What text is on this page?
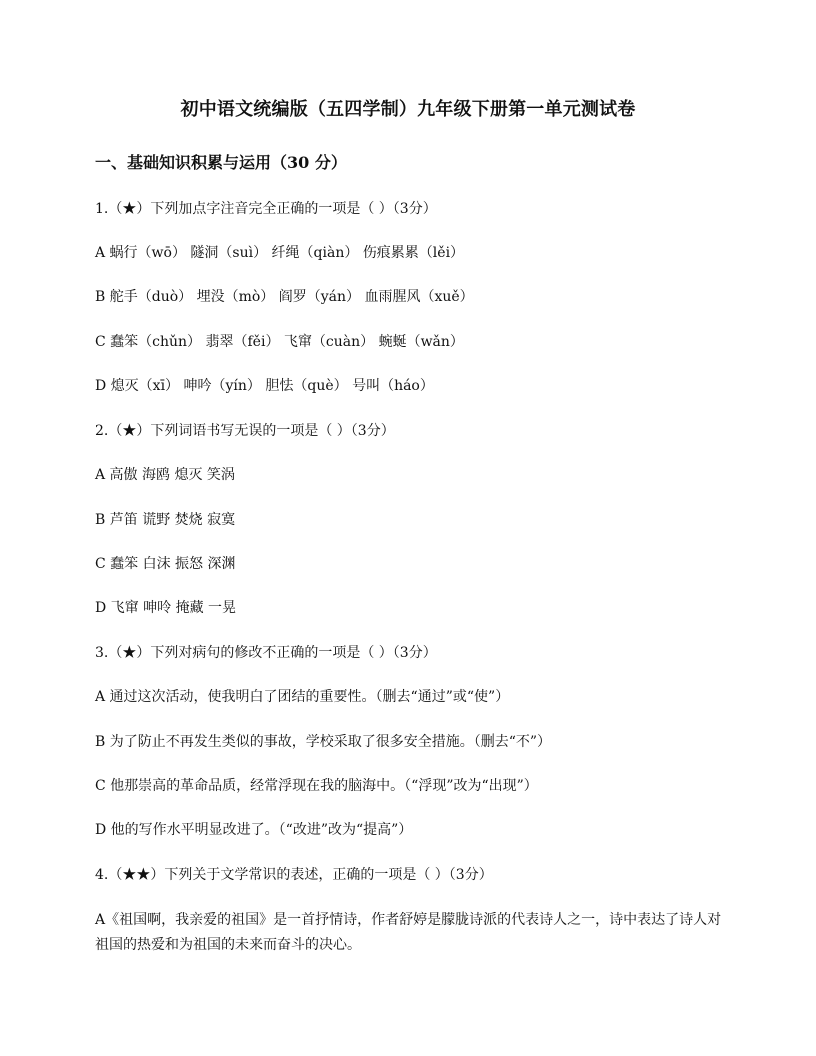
初中语文统编版（五四学制）九年级下册第一单元测试卷
一、基础知识积累与运用（30 分）
1.（★）下列加点字注音完全正确的一项是（ ）（3分）
A 蜗行（wō） 隧洞（suì） 纤绳（qiàn） 伤痕累累（lěi）
B 舵手（duò） 埋没（mò） 阎罗（yán） 血雨腥风（xuě）
C 蠢笨（chǔn） 翡翠（fěi） 飞窜（cuàn） 蜿蜒（wǎn）
D 熄灭（xī） 呻吟（yín） 胆怯（què） 号叫（háo）
2.（★）下列词语书写无误的一项是（ ）（3分）
A 高傲 海鸥 熄灭 笑涡
B 芦笛 谎野 焚烧 寂寞
C 蠢笨 白沫 振怒 深渊
D 飞窜 呻呤 掩藏 一晃
3.（★）下列对病句的修改不正确的一项是（ ）（3分）
A 通过这次活动，使我明白了团结的重要性。（删去“通过”或“使”）
B 为了防止不再发生类似的事故，学校采取了很多安全措施。（删去“不”）
C 他那崇高的革命品质，经常浮现在我的脑海中。（“浮现”改为“出现”）
D 他的写作水平明显改进了。（“改进”改为“提高”）
4.（★★）下列关于文学常识的表述，正确的一项是（ ）（3分）
A《祖国啊，我亲爱的祖国》是一首抒情诗，作者舒婷是朦胧诗派的代表诗人之一，诗中表达了诗人对祖国的热爱和为祖国的未来而奋斗的决心。
